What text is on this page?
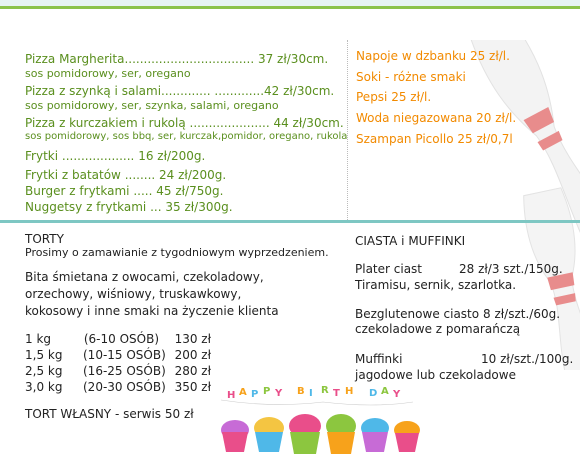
Pizza Margherita.................................. 37 zł/30cm.
sos pomidorowy, ser, oregano
Pizza z szynką i salami............. .............42 zł/30cm.
sos pomidorowy, ser, szynka, salami, oregano
Pizza z kurczakiem i rukolą ..................... 44 zł/30cm.
sos pomidorowy, sos bbq, ser, kurczak,pomidor, oregano, rukola
Frytki ................... 16 zł/200g.
Frytki z batatów ........ 24 zł/200g.
Burger z frytkami ..... 45 zł/750g.
Nuggetsy z frytkami ... 35 zł/300g.
Napoje w dzbanku 25 zł/l.
Soki - różne smaki
Pepsi 25 zł/l.
Woda niegazowana 20 zł/l.
Szampan Picollo 25 zł/0,7l
TORTY
Prosimy o zamawianie z tygodniowym wyprzedzeniem.
Bita śmietana z owocami, czekoladowy,
orzechowy, wiśniowy, truskawkowy,
kokosowy i inne smaki na życzenie klienta
1 kg	(6-10 OSÓB) 130 zł
1,5 kg (10-15 OSÓB) 200 zł
2,5 kg (16-25 OSÓB) 280 zł
3,0 kg (20-30 OSÓB) 350 zł
TORT WŁASNY - serwis 50 zł
CIASTA i MUFFINKI
Plater ciast	28 zł/3 szt./150g.
Tiramisu, sernik, szarlotka.
Bezglutenowe ciasto 8 zł/szt./60g.
czekoladowe z pomarańczą
Muffinki	10 zł/szt./100g.
jagodowe lub czekoladowe
H A P P Y B I R T H D A Y
